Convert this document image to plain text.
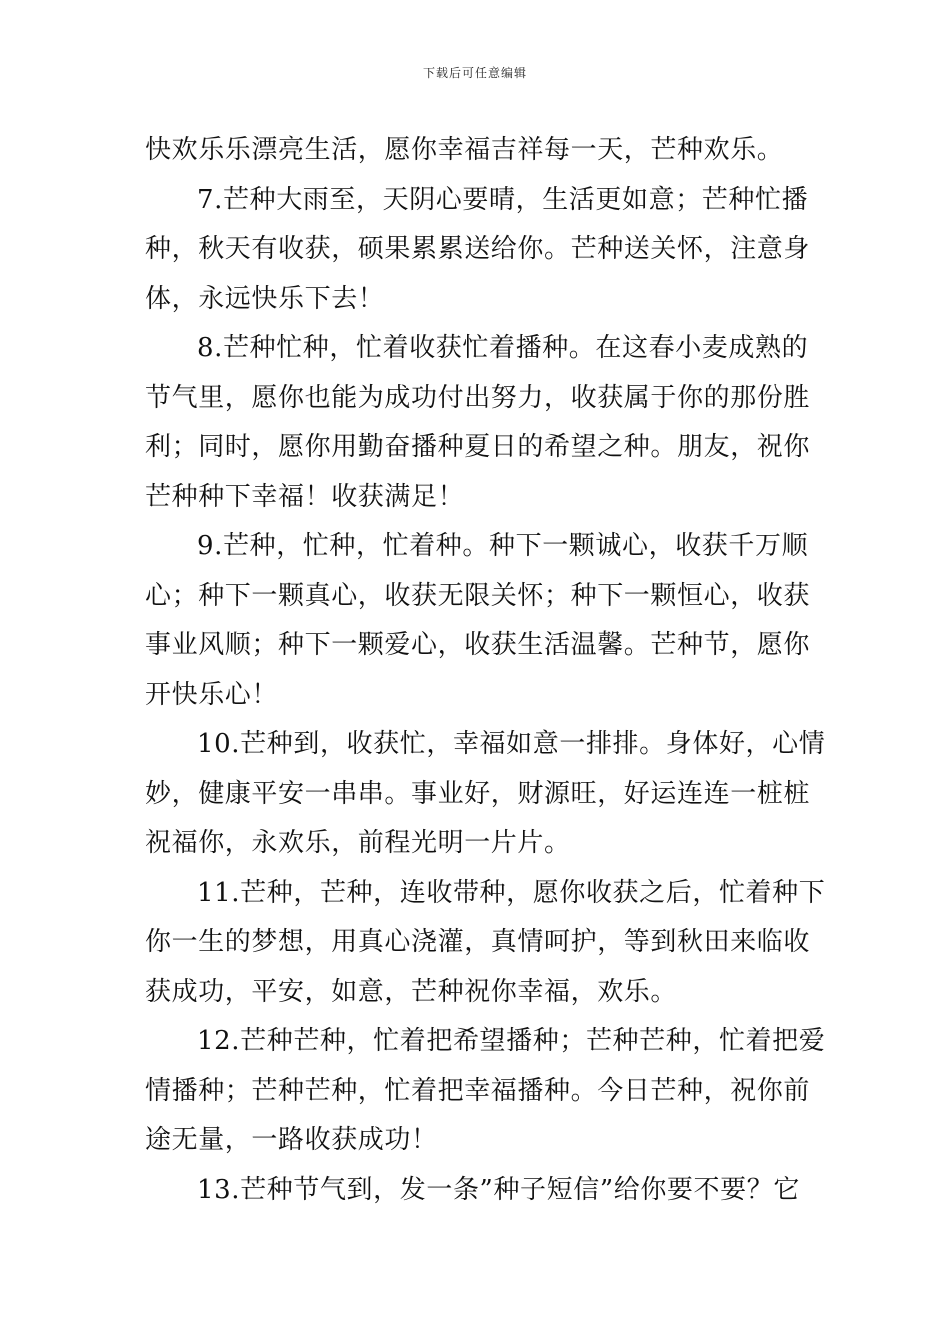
下载后可任意编辑
快欢乐乐漂亮生活，愿你幸福吉祥每一天，芒种欢乐。
7.芒种大雨至，天阴心要晴，生活更如意；芒种忙播
种，秋天有收获，硕果累累送给你。芒种送关怀，注意身
体，永远快乐下去！
8.芒种忙种，忙着收获忙着播种。在这春小麦成熟的
节气里，愿你也能为成功付出努力，收获属于你的那份胜
利；同时，愿你用勤奋播种夏日的希望之种。朋友，祝你
芒种种下幸福！收获满足！
9.芒种，忙种，忙着种。种下一颗诚心，收获千万顺
心；种下一颗真心，收获无限关怀；种下一颗恒心，收获
事业风顺；种下一颗爱心，收获生活温馨。芒种节，愿你
开快乐心！
10.芒种到，收获忙，幸福如意一排排。身体好，心情
妙，健康平安一串串。事业好，财源旺，好运连连一桩桩
祝福你，永欢乐，前程光明一片片。
11.芒种，芒种，连收带种，愿你收获之后，忙着种下
你一生的梦想，用真心浇灌，真情呵护，等到秋田来临收
获成功，平安，如意，芒种祝你幸福，欢乐。
12.芒种芒种，忙着把希望播种；芒种芒种，忙着把爱
情播种；芒种芒种，忙着把幸福播种。今日芒种，祝你前
途无量，一路收获成功！
13.芒种节气到，发一条”种子短信”给你要不要？它
